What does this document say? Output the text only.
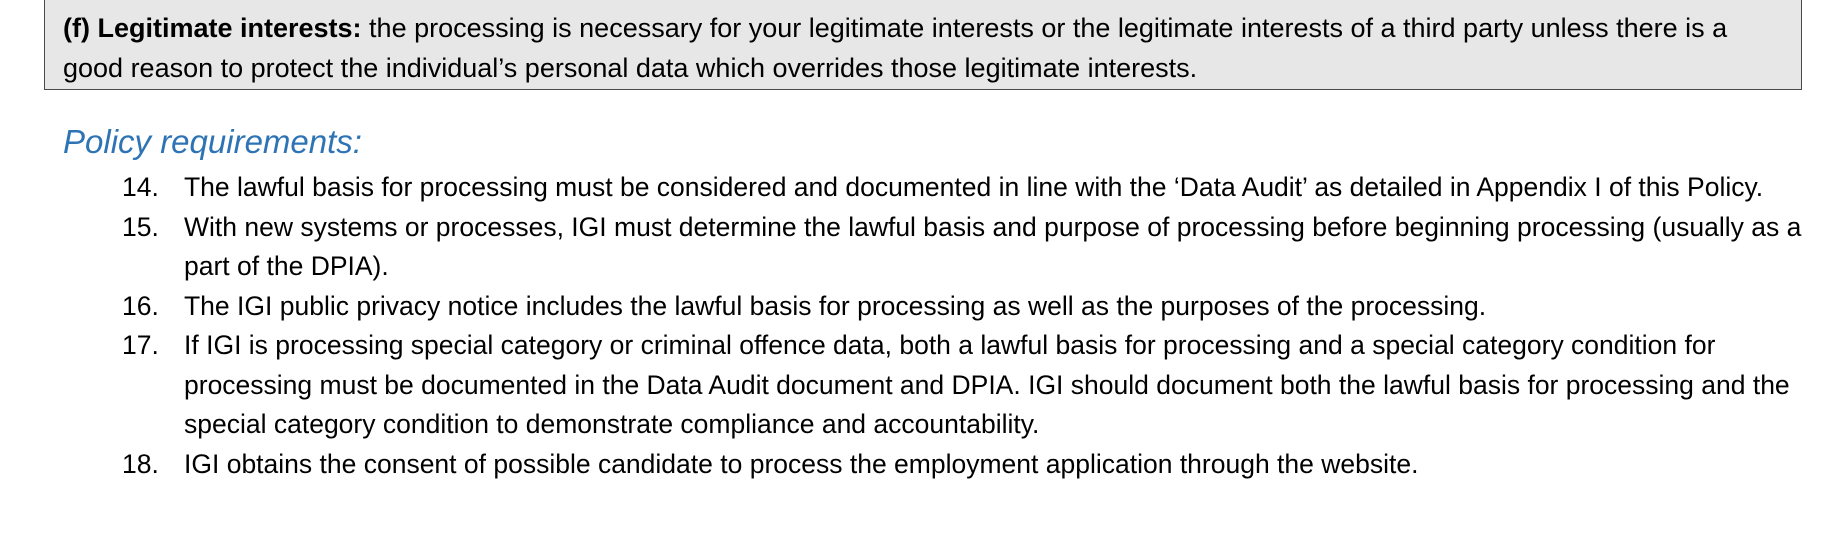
(f) Legitimate interests: the processing is necessary for your legitimate interests or the legitimate interests of a third party unless there is a good reason to protect the individual’s personal data which overrides those legitimate interests.
Policy requirements:
14. The lawful basis for processing must be considered and documented in line with the ‘Data Audit’ as detailed in Appendix I of this Policy.
15. With new systems or processes, IGI must determine the lawful basis and purpose of processing before beginning processing (usually as a part of the DPIA).
16. The IGI public privacy notice includes the lawful basis for processing as well as the purposes of the processing.
17. If IGI is processing special category or criminal offence data, both a lawful basis for processing and a special category condition for processing must be documented in the Data Audit document and DPIA. IGI should document both the lawful basis for processing and the special category condition to demonstrate compliance and accountability.
18. IGI obtains the consent of possible candidate to process the employment application through the website.
